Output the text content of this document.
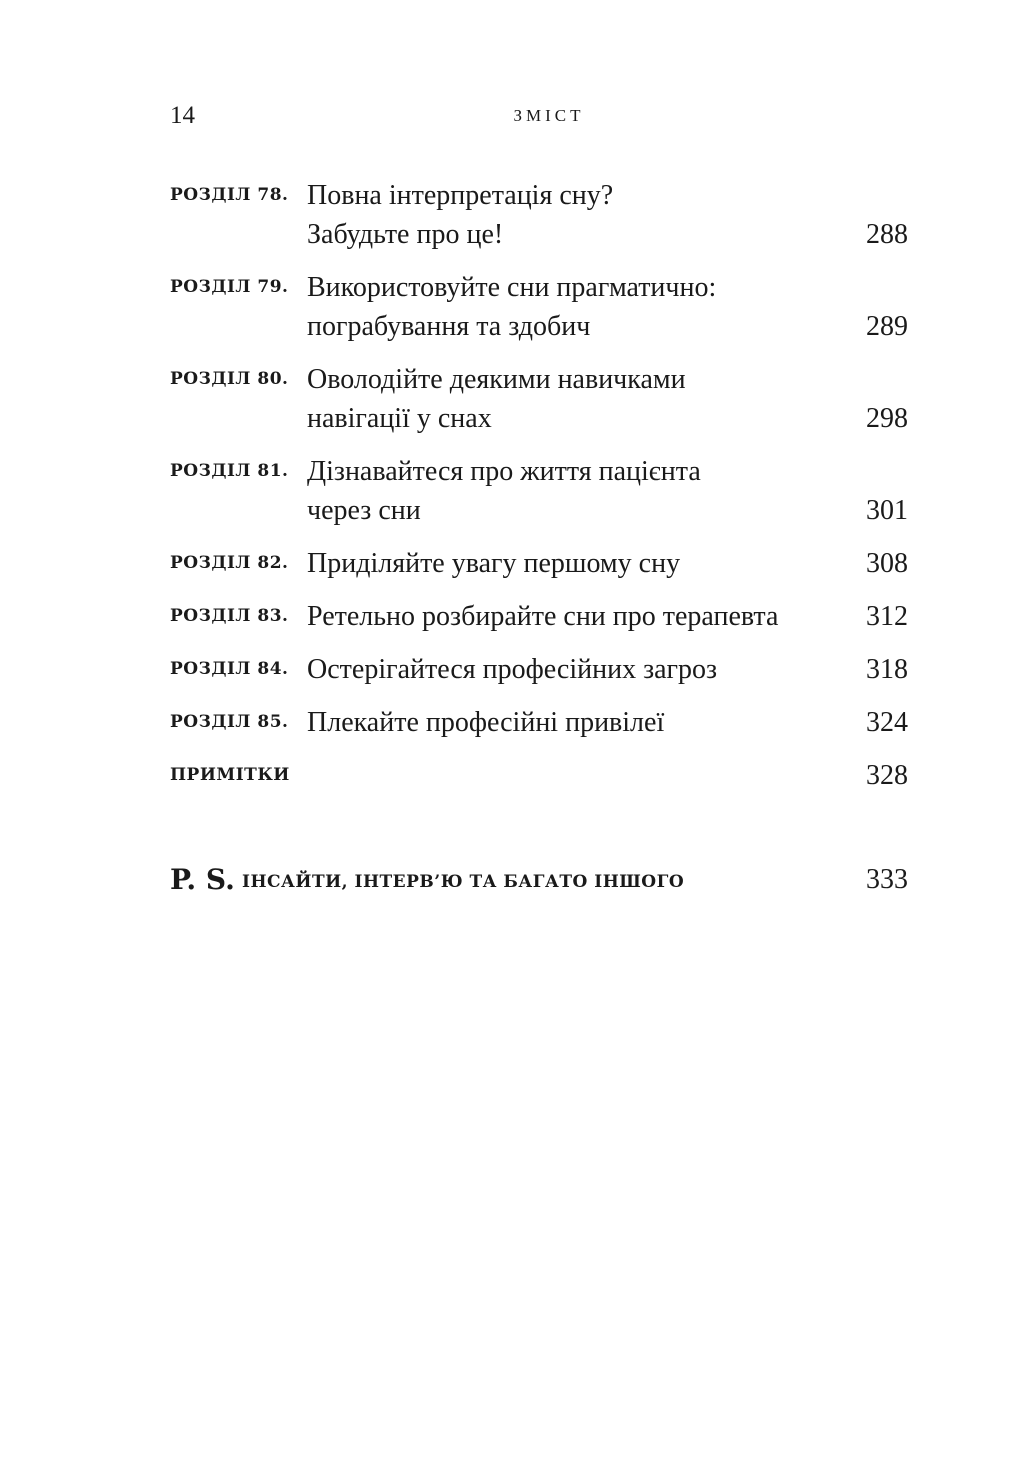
14	ЗМІСТ
РОЗДІЛ 78. Повна інтерпретація сну?
Забудьте про це!	288
РОЗДІЛ 79. Використовуйте сни прагматично:
пограбування та здобич	289
РОЗДІЛ 80. Оволодійте деякими навичками
навігації у снах	298
РОЗДІЛ 81. Дізнавайтеся про життя пацієнта
через сни	301
РОЗДІЛ 82. Приділяйте увагу першому сну	308
РОЗДІЛ 83. Ретельно розбирайте сни про терапевта	312
РОЗДІЛ 84. Остерігайтеся професійних загроз	318
РОЗДІЛ 85. Плекайте професійні привілеї	324
ПРИМІТКИ	328
P. S. ІНСАЙТИ, ІНТЕРВ’Ю ТА БАГАТО ІНШОГО	333
